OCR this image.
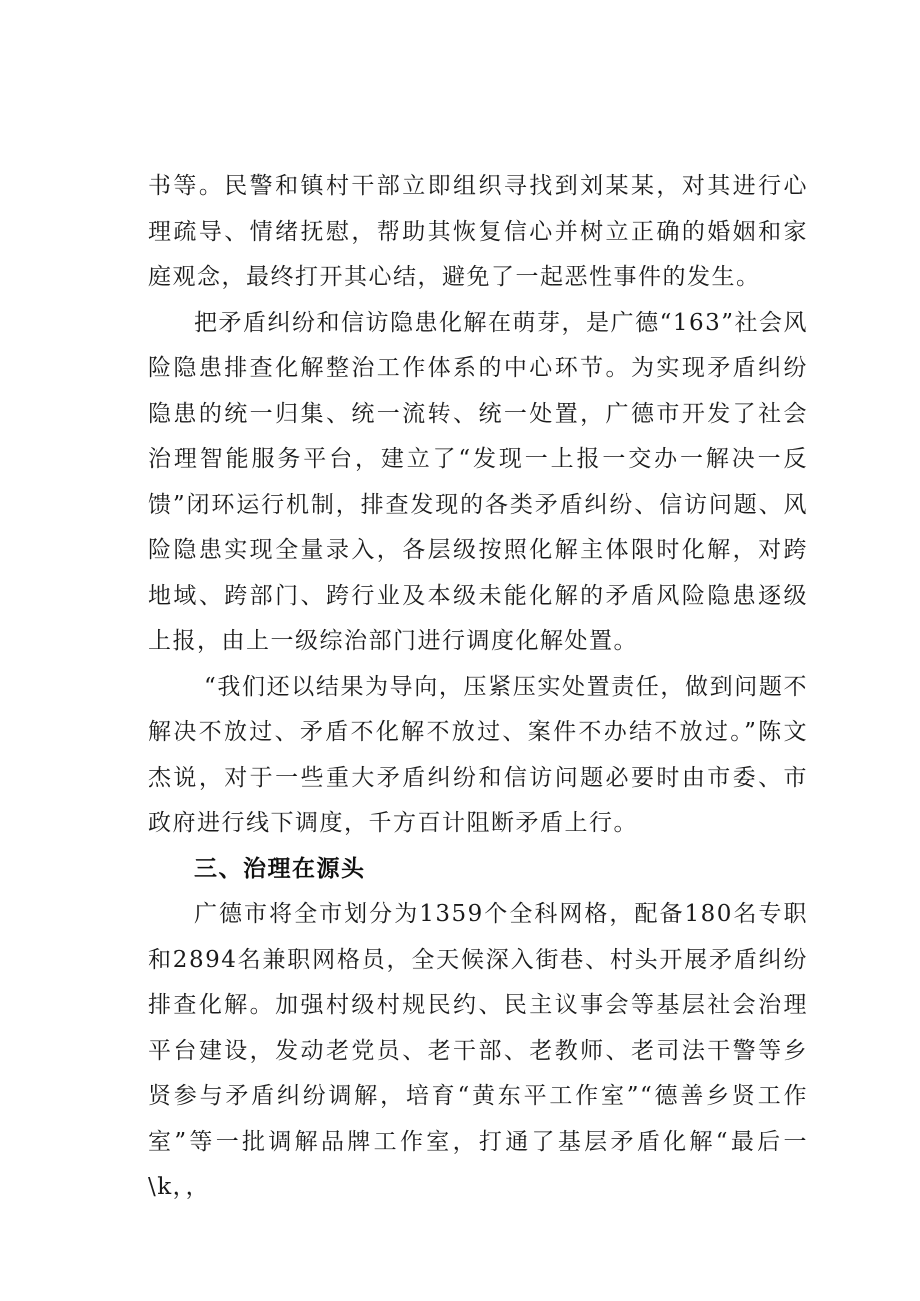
书等。民警和镇村干部立即组织寻找到刘某某，对其进行心理疏导、情绪抚慰，帮助其恢复信心并树立正确的婚姻和家庭观念，最终打开其心结，避免了一起恶性事件的发生。

把矛盾纠纷和信访隐患化解在萌芽，是广德“163”社会风险隐患排查化解整治工作体系的中心环节。为实现矛盾纠纷隐患的统一归集、统一流转、统一处置，广德市开发了社会治理智能服务平台，建立了“发现一上报一交办一解决一反馈”闭环运行机制，排查发现的各类矛盾纠纷、信访问题、风险隐患实现全量录入，各层级按照化解主体限时化解，对跨地域、跨部门、跨行业及本级未能化解的矛盾风险隐患逐级上报，由上一级综治部门进行调度化解处置。

“我们还以结果为导向，压紧压实处置责任，做到问题不解决不放过、矛盾不化解不放过、案件不办结不放过。”陈文杰说，对于一些重大矛盾纠纷和信访问题必要时由市委、市政府进行线下调度，千方百计阻断矛盾上行。

三、治理在源头

广德市将全市划分为1359个全科网格，配备180名专职和2894名兼职网格员，全天候深入街巷、村头开展矛盾纠纷排查化解。加强村级村规民约、民主议事会等基层社会治理平台建设，发动老党员、老干部、老教师、老司法干警等乡贤参与矛盾纠纷调解，培育“黄东平工作室”“德善乡贤工作室”等一批调解品牌工作室，打通了基层矛盾化解“最后一\k，，
